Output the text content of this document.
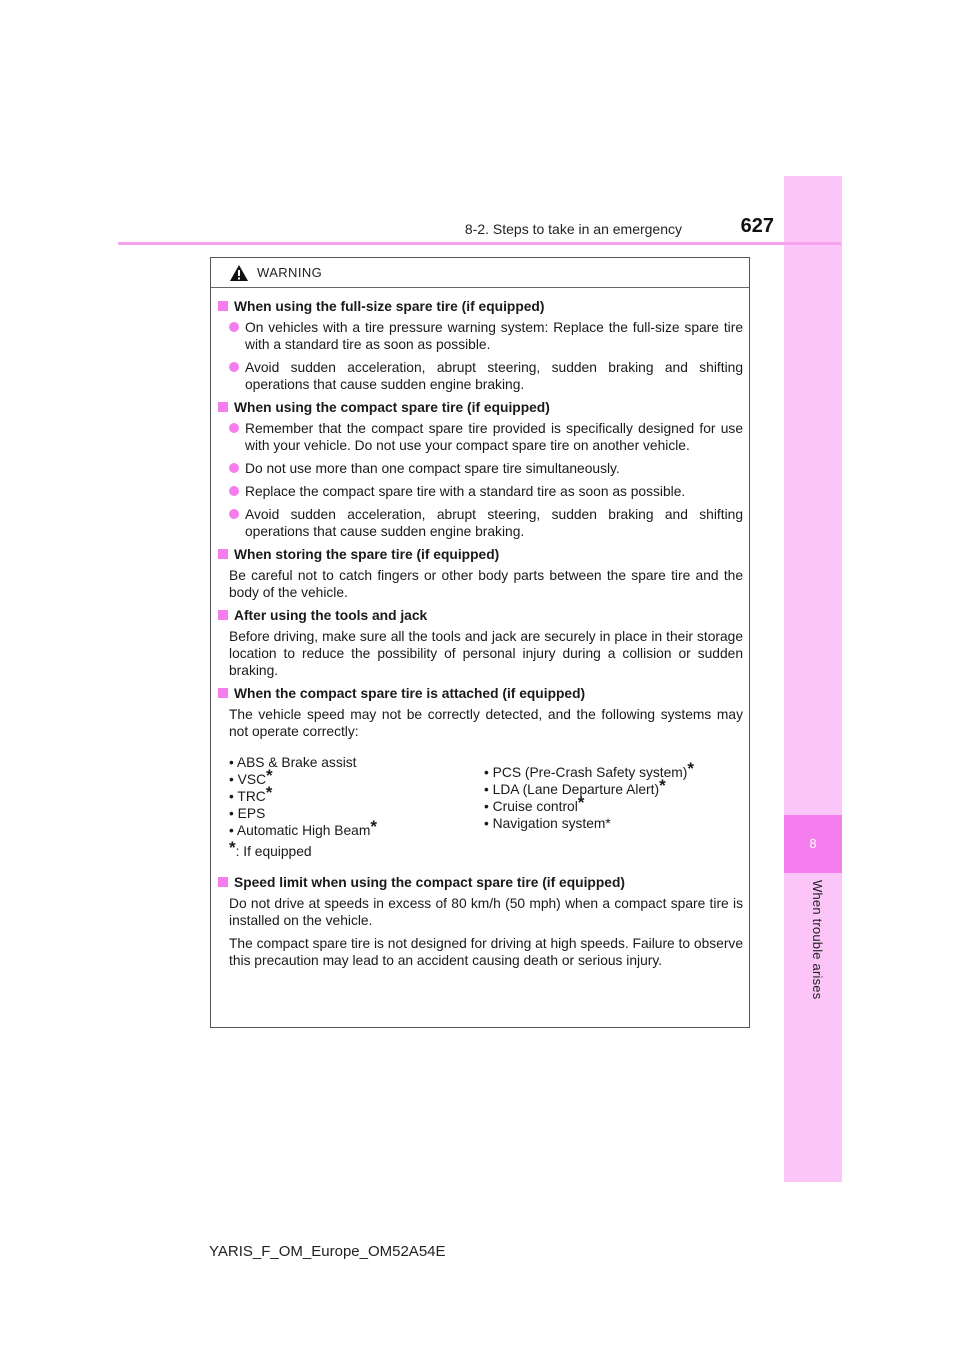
8
When trouble arises
8-2. Steps to take in an emergency	627
WARNING
When using the full-size spare tire (if equipped)
On vehicles with a tire pressure warning system: Replace the full-size spare tire with a standard tire as soon as possible.
Avoid sudden acceleration, abrupt steering, sudden braking and shifting operations that cause sudden engine braking.
When using the compact spare tire (if equipped)
Remember that the compact spare tire provided is specifically designed for use with your vehicle. Do not use your compact spare tire on another vehicle.
Do not use more than one compact spare tire simultaneously.
Replace the compact spare tire with a standard tire as soon as possible.
Avoid sudden acceleration, abrupt steering, sudden braking and shifting operations that cause sudden engine braking.
When storing the spare tire (if equipped)
Be careful not to catch fingers or other body parts between the spare tire and the body of the vehicle.
After using the tools and jack
Before driving, make sure all the tools and jack are securely in place in their storage location to reduce the possibility of personal injury during a collision or sudden braking.
When the compact spare tire is attached (if equipped)
The vehicle speed may not be correctly detected, and the following systems may not operate correctly:
• ABS & Brake assist
• VSC*
• TRC*
• EPS
• Automatic High Beam*
*: If equipped
• PCS (Pre-Crash Safety system)*
• LDA (Lane Departure Alert)*
• Cruise control*
• Navigation system*
Speed limit when using the compact spare tire (if equipped)
Do not drive at speeds in excess of 80 km/h (50 mph) when a compact spare tire is installed on the vehicle.
The compact spare tire is not designed for driving at high speeds. Failure to observe this precaution may lead to an accident causing death or serious injury.
YARIS_F_OM_Europe_OM52A54E
